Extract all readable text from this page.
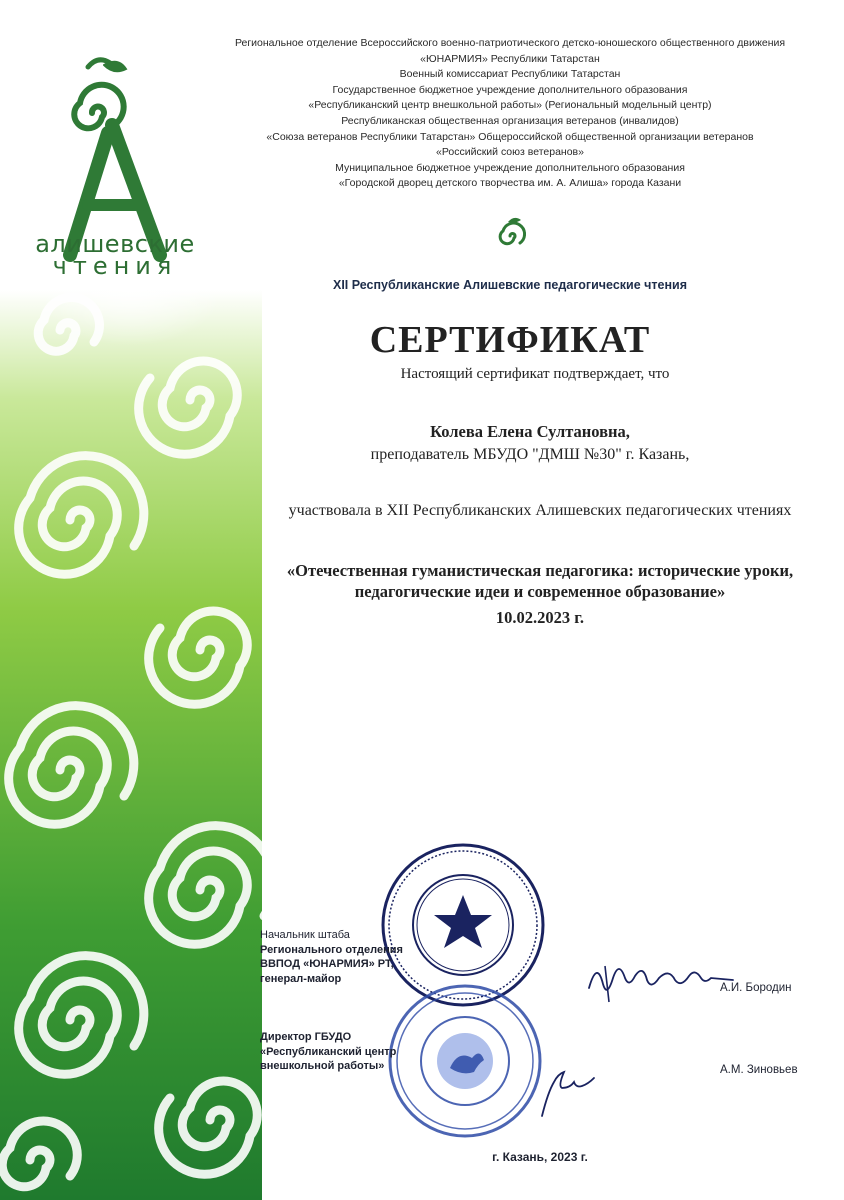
алишевские
чтения
Региональное отделение Всероссийского военно-патриотического детско-юношеского общественного движения
«ЮНАРМИЯ» Республики Татарстан
Военный комиссариат Республики Татарстан
Государственное бюджетное учреждение дополнительного образования
«Республиканский центр внешкольной работы» (Региональный модельный центр)
Республиканская общественная организация ветеранов (инвалидов)
«Союза ветеранов Республики Татарстан» Общероссийской общественной организации ветеранов
«Российский союз ветеранов»
Муниципальное бюджетное учреждение дополнительного образования
«Городской дворец детского творчества им. А. Алиша» города Казани
XII Республиканские Алишевские педагогические чтения
СЕРТИФИКАТ
Настоящий сертификат подтверждает, что
Колева Елена Султановна,
преподаватель МБУДО "ДМШ №30" г. Казань,
участвовала в XII Республиканских Алишевских педагогических чтениях
«Отечественная гуманистическая педагогика: исторические уроки, педагогические идеи и современное образование»
10.02.2023 г.
Начальник штаба
Регионального отделения
ВВПОД «ЮНАРМИЯ» РТ,
генерал-майор
А.И. Бородин
Директор ГБУДО
«Республиканский центр
внешкольной работы»	А.М. Зиновьев
г. Казань, 2023 г.
